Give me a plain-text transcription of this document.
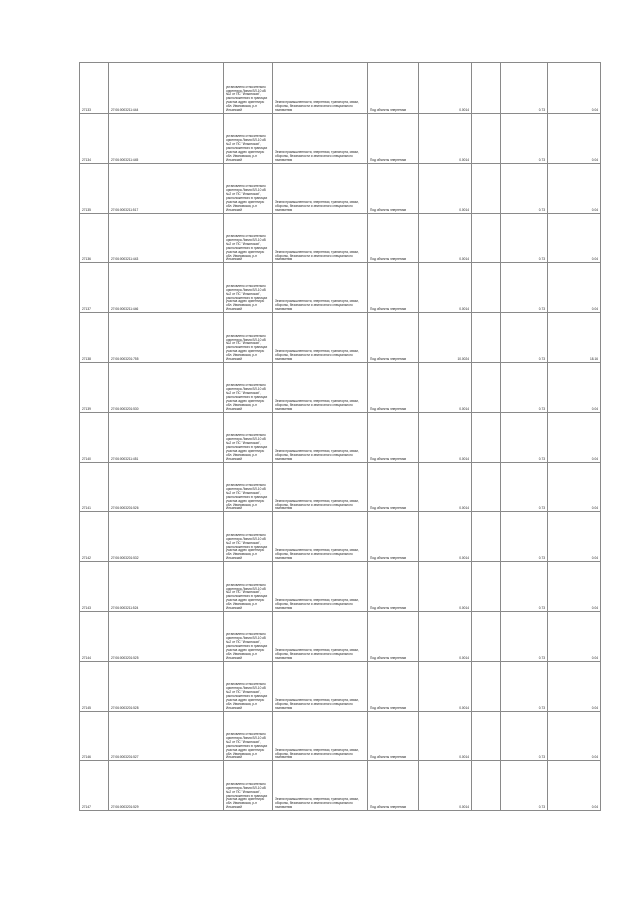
27133	27:06:0003211:444	установлено относительно ориентира Линия ВЛ-10 кВ №2 от ПС "Ильинская", расположенного в границах участка адрес ориентира: обл. Ивановская, р-н Ильинский	Земли промышленности, энергетики, транспорта, связи, обороны, безопасности и земли иного специального назначения	Под объекты энергетики	0.0014		0.73	0.04
27134	27:06:0003211:445	установлено относительно ориентира Линия ВЛ-10 кВ №2 от ПС "Ильинская", расположенного в границах участка адрес ориентира: обл. Ивановская, р-н Ильинский	Земли промышленности, энергетики, транспорта, связи, обороны, безопасности и земли иного специального назначения	Под объекты энергетики	0.0014		0.73	0.04
27135	27:06:0003211:517	установлено относительно ориентира Линия ВЛ-10 кВ №2 от ПС "Ильинская", расположенного в границах участка адрес ориентира: обл. Ивановская, р-н Ильинский	Земли промышленности, энергетики, транспорта, связи, обороны, безопасности и земли иного специального назначения	Под объекты энергетики	0.0014		0.73	0.04
27136	27:06:0003211:443	установлено относительно ориентира Линия ВЛ-10 кВ №2 от ПС "Ильинская", расположенного в границах участка адрес ориентира: обл. Ивановская, р-н Ильинский	Земли промышленности, энергетики, транспорта, связи, обороны, безопасности и земли иного специального назначения	Под объекты энергетики	0.0014		0.73	0.04
27137	27:06:0003211:446	установлено относительно ориентира Линия ВЛ-10 кВ №2 от ПС "Ильинская", расположенного в границах участка адрес ориентира: обл. Ивановская, р-н Ильинский	Земли промышленности, энергетики, транспорта, связи, обороны, безопасности и земли иного специального назначения	Под объекты энергетики	0.0014		0.73	0.04
27138	27:06:0003201:755	установлено относительно ориентира Линия ВЛ-10 кВ №2 от ПС "Ильинская", расположенного в границах участка адрес ориентира: обл. Ивановская, р-н Ильинский	Земли промышленности, энергетики, транспорта, связи, обороны, безопасности и земли иного специального назначения	Под объекты энергетики	10.0024		0.73	18.16
27139	27:06:0003201:530	установлено относительно ориентира Линия ВЛ-10 кВ №2 от ПС "Ильинская", расположенного в границах участка адрес ориентира: обл. Ивановская, р-н Ильинский	Земли промышленности, энергетики, транспорта, связи, обороны, безопасности и земли иного специального назначения	Под объекты энергетики	0.0014		0.73	0.04
27140	27:06:0003211:451	установлено относительно ориентира Линия ВЛ-10 кВ №2 от ПС "Ильинская", расположенного в границах участка адрес ориентира: обл. Ивановская, р-н Ильинский	Земли промышленности, энергетики, транспорта, связи, обороны, безопасности и земли иного специального назначения	Под объекты энергетики	0.0014		0.73	0.04
27141	27:06:0003201:526	установлено относительно ориентира Линия ВЛ-10 кВ №2 от ПС "Ильинская", расположенного в границах участка адрес ориентира: обл. Ивановская, р-н Ильинский	Земли промышленности, энергетики, транспорта, связи, обороны, безопасности и земли иного специального назначения	Под объекты энергетики	0.0014		0.73	0.04
27142	27:06:0003201:532	установлено относительно ориентира Линия ВЛ-10 кВ №2 от ПС "Ильинская", расположенного в границах участка адрес ориентира: обл. Ивановская, р-н Ильинский	Земли промышленности, энергетики, транспорта, связи, обороны, безопасности и земли иного специального назначения	Под объекты энергетики	0.0014		0.73	0.04
27143	27:06:0003211:524	установлено относительно ориентира Линия ВЛ-10 кВ №2 от ПС "Ильинская", расположенного в границах участка адрес ориентира: обл. Ивановская, р-н Ильинский	Земли промышленности, энергетики, транспорта, связи, обороны, безопасности и земли иного специального назначения	Под объекты энергетики	0.0014		0.73	0.04
27144	27:06:0003201:525	установлено относительно ориентира Линия ВЛ-10 кВ №2 от ПС "Ильинская", расположенного в границах участка адрес ориентира: обл. Ивановская, р-н Ильинский	Земли промышленности, энергетики, транспорта, связи, обороны, безопасности и земли иного специального назначения	Под объекты энергетики	0.0014		0.73	0.04
27145	27:06:0003201:528	установлено относительно ориентира Линия ВЛ-10 кВ №2 от ПС "Ильинская", расположенного в границах участка адрес ориентира: обл. Ивановская, р-н Ильинский	Земли промышленности, энергетики, транспорта, связи, обороны, безопасности и земли иного специального назначения	Под объекты энергетики	0.0014		0.73	0.04
27146	27:06:0003201:527	установлено относительно ориентира Линия ВЛ-10 кВ №2 от ПС "Ильинская", расположенного в границах участка адрес ориентира: обл. Ивановская, р-н Ильинский	Земли промышленности, энергетики, транспорта, связи, обороны, безопасности и земли иного специального назначения	Под объекты энергетики	0.0014		0.73	0.04
27147	27:06:0003201:529	установлено относительно ориентира Линия ВЛ-10 кВ №2 от ПС "Ильинская", расположенного в границах участка адрес ориентира: обл. Ивановская, р-н Ильинский	Земли промышленности, энергетики, транспорта, связи, обороны, безопасности и земли иного специального назначения	Под объекты энергетики	0.0014		0.73	0.04
